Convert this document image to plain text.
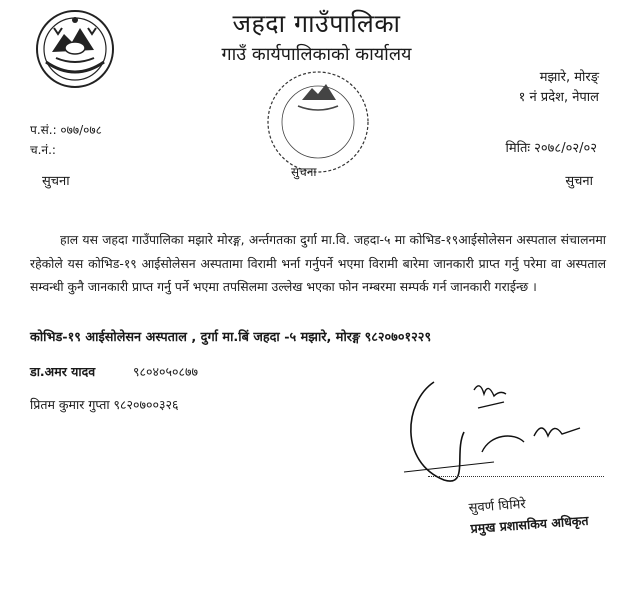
जहदा गाउँपालिका
गाउँ कार्यपालिकाको कार्यालय
मझारे, मोरङ्
१ नं प्रदेश, नेपाल
प.सं.: ०७७/०७८
च.नं.:	मितिः २०७८/०२/०२
सुचना
सुचना
सुचना

हाल यस जहदा गाउँपालिका मझारे मोरङ्ग, अर्न्तगतका दुर्गा मा.वि. जहदा-५ मा कोभिड-१९आईसोलेसन अस्पताल संचालनमा रहेकोले यस कोभिड-१९ आईसोलेसन अस्पतामा विरामी भर्ना गर्नुपर्ने भएमा विरामी बारेमा जानकारी प्राप्त गर्नु परेमा वा अस्पताल सम्वन्धी कुनै जानकारी प्राप्त गर्नु पर्ने भएमा तपसिलमा उल्लेख भएका फोन नम्बरमा सम्पर्क गर्न जानकारी गराईन्छ ।

कोभिड-१९ आईसोलेसन अस्पताल , दुर्गा मा.बिं जहदा -५ मझारे, मोरङ्ग ९८२०७०१२२९
डा.अमर यादव	९८०४०५०८७७
प्रितम कुमार गुप्ता ९८२०७००३२६
सुवर्ण घिमिरे
प्रमुख प्रशासकिय अधिकृत
